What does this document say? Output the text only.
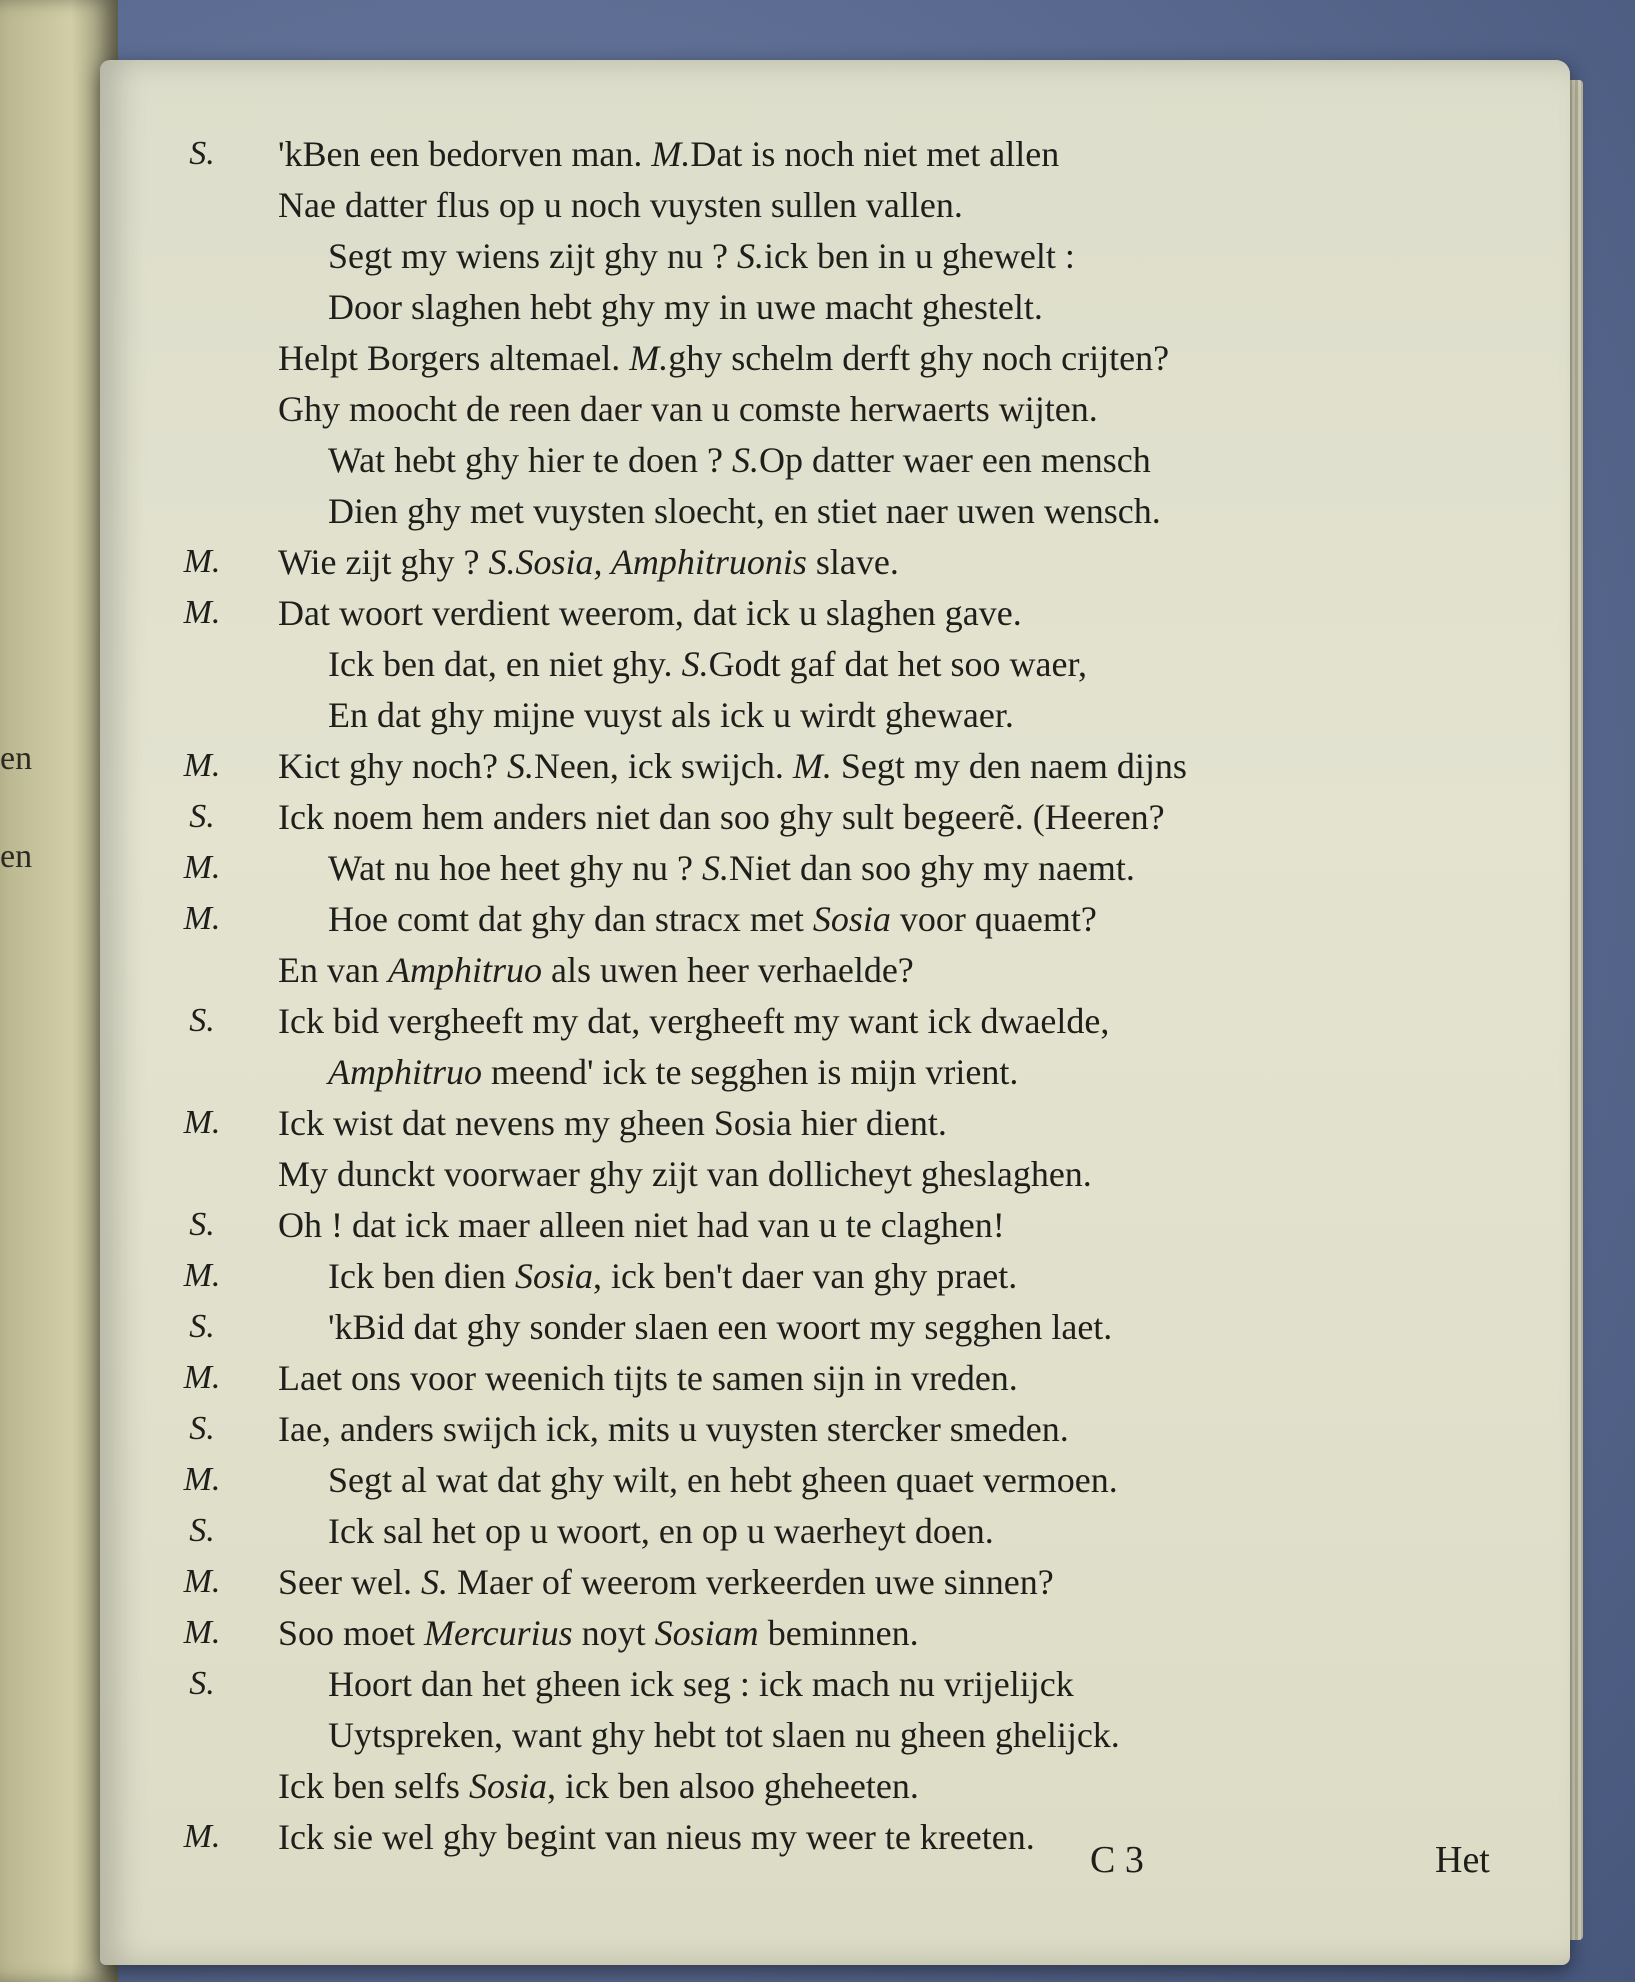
en
en
C 3	Het
S.	'kBen een bedorven man. M.Dat is noch niet met allen
Nae datter flus op u noch vuysten sullen vallen.
Segt my wiens zijt ghy nu ? S.ick ben in u ghewelt :
Door slaghen hebt ghy my in uwe macht ghestelt.
Helpt Borgers altemael. M.ghy schelm derft ghy noch crijten?
Ghy moocht de reen daer van u comste herwaerts wijten.
Wat hebt ghy hier te doen ? S.Op datter waer een mensch
Dien ghy met vuysten sloecht, en stiet naer uwen wensch.
M.	Wie zijt ghy ? S.Sosia, Amphitruonis slave.
M.	Dat woort verdient weerom, dat ick u slaghen gave.
Ick ben dat, en niet ghy. S.Godt gaf dat het soo waer,
En dat ghy mijne vuyst als ick u wirdt ghewaer.
M.	Kict ghy noch? S.Neen, ick swijch. M. Segt my den naem dijns
S.	Ick noem hem anders niet dan soo ghy sult begeerẽ. (Heeren?
M.	Wat nu hoe heet ghy nu ? S.Niet dan soo ghy my naemt.
M.	Hoe comt dat ghy dan stracx met Sosia voor quaemt?
En van Amphitruo als uwen heer verhaelde?
S.	Ick bid vergheeft my dat, vergheeft my want ick dwaelde,
Amphitruo meend' ick te segghen is mijn vrient.
M.	Ick wist dat nevens my gheen Sosia hier dient.
My dunckt voorwaer ghy zijt van dollicheyt gheslaghen.
S.	Oh ! dat ick maer alleen niet had van u te claghen!
M.	Ick ben dien Sosia, ick ben't daer van ghy praet.
S.	'kBid dat ghy sonder slaen een woort my segghen laet.
M.	Laet ons voor weenich tijts te samen sijn in vreden.
S.	Iae, anders swijch ick, mits u vuysten stercker smeden.
M.	Segt al wat dat ghy wilt, en hebt gheen quaet vermoen.
S.	Ick sal het op u woort, en op u waerheyt doen.
M.	Seer wel. S. Maer of weerom verkeerden uwe sinnen?
M.	Soo moet Mercurius noyt Sosiam beminnen.
S.	Hoort dan het gheen ick seg : ick mach nu vrijelijck
Uytspreken, want ghy hebt tot slaen nu gheen ghelijck.
Ick ben selfs Sosia, ick ben alsoo gheheeten.
M.	Ick sie wel ghy begint van nieus my weer te kreeten.
